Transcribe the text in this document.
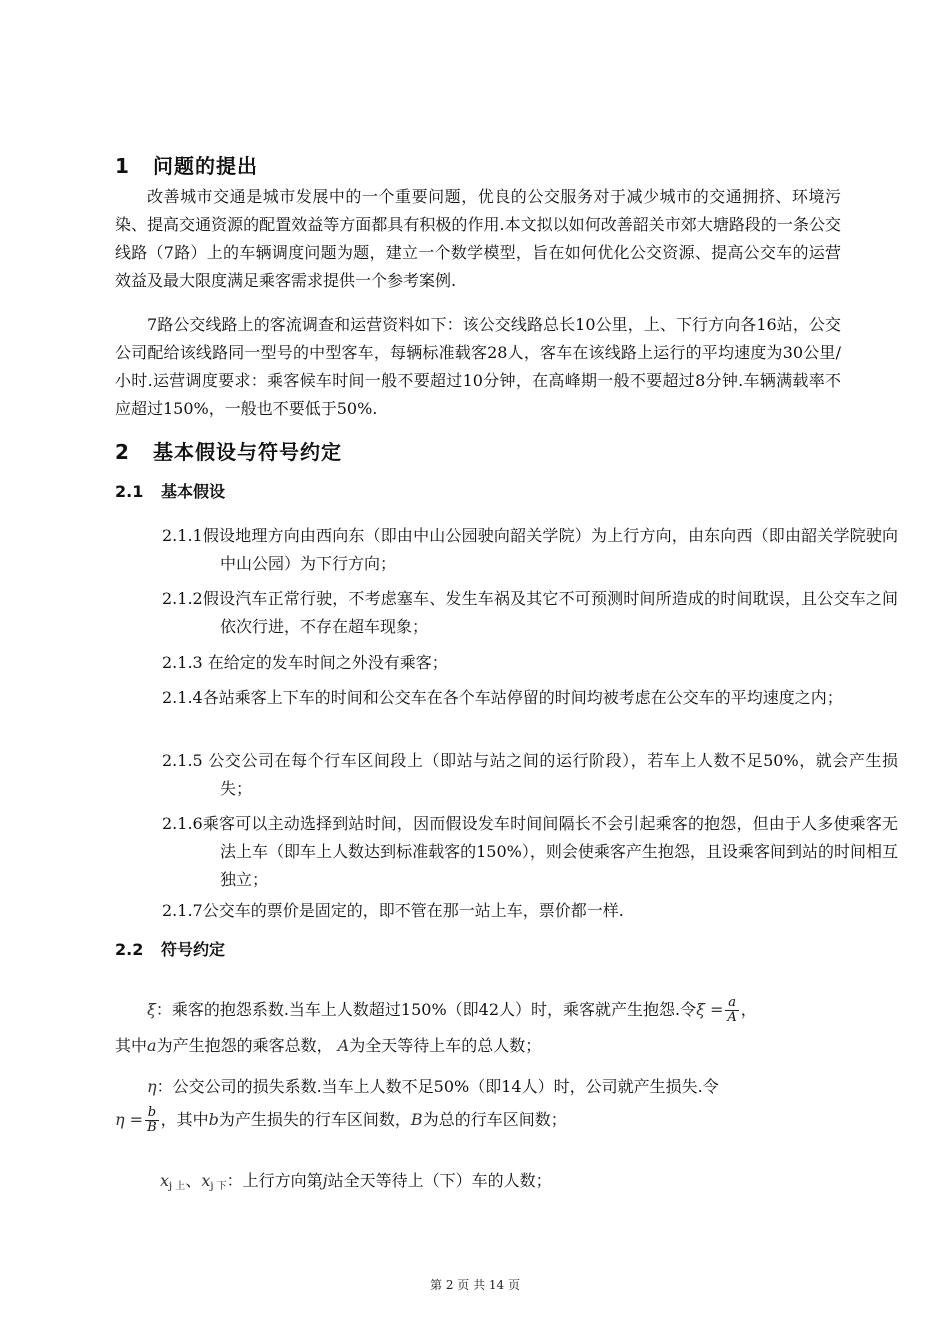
1 问题的提出
改善城市交通是城市发展中的一个重要问题，优良的公交服务对于减少城市的交通拥挤、环境污染、提高交通资源的配置效益等方面都具有积极的作用.本文拟以如何改善韶关市郊大塘路段的一条公交线路（7路）上的车辆调度问题为题，建立一个数学模型，旨在如何优化公交资源、提高公交车的运营效益及最大限度满足乘客需求提供一个参考案例.
7路公交线路上的客流调查和运营资料如下：该公交线路总长10公里，上、下行方向各16站，公交公司配给该线路同一型号的中型客车，每辆标准载客28人，客车在该线路上运行的平均速度为30公里/小时.运营调度要求：乘客候车时间一般不要超过10分钟，在高峰期一般不要超过8分钟.车辆满载率不应超过150%，一般也不要低于50%.
2 基本假设与符号约定
2.1 基本假设
2.1.1假设地理方向由西向东（即由中山公园驶向韶关学院）为上行方向，由东向西（即由韶关学院驶向中山公园）为下行方向；
2.1.2假设汽车正常行驶，不考虑塞车、发生车祸及其它不可预测时间所造成的时间耽误，且公交车之间依次行进，不存在超车现象；
2.1.3 在给定的发车时间之外没有乘客；
2.1.4各站乘客上下车的时间和公交车在各个车站停留的时间均被考虑在公交车的平均速度之内；
2.1.5 公交公司在每个行车区间段上（即站与站之间的运行阶段），若车上人数不足50%，就会产生损失；
2.1.6乘客可以主动选择到站时间，因而假设发车时间间隔长不会引起乘客的抱怨，但由于人多使乘客无法上车（即车上人数达到标准载客的150%），则会使乘客产生抱怨，且设乘客间到站的时间相互独立；
2.1.7公交车的票价是固定的，即不管在那一站上车，票价都一样.
2.2 符号约定
ξ：乘客的抱怨系数.当车上人数超过150%（即42人）时，乘客就产生抱怨.令$\xi = \frac{a}{A}$ ，
其中a为产生抱怨的乘客总数， A为全天等待上车的总人数；
η：公交公司的损失系数.当车上人数不足50%（即14人）时，公司就产生损失.令
$\eta = \frac{b}{B}$ ，其中b为产生损失的行车区间数，B为总的行车区间数；
$x_{j 上}$、$x_{j 下}$：上行方向第j站全天等待上（下）车的人数；
第 2 页 共 14 页
